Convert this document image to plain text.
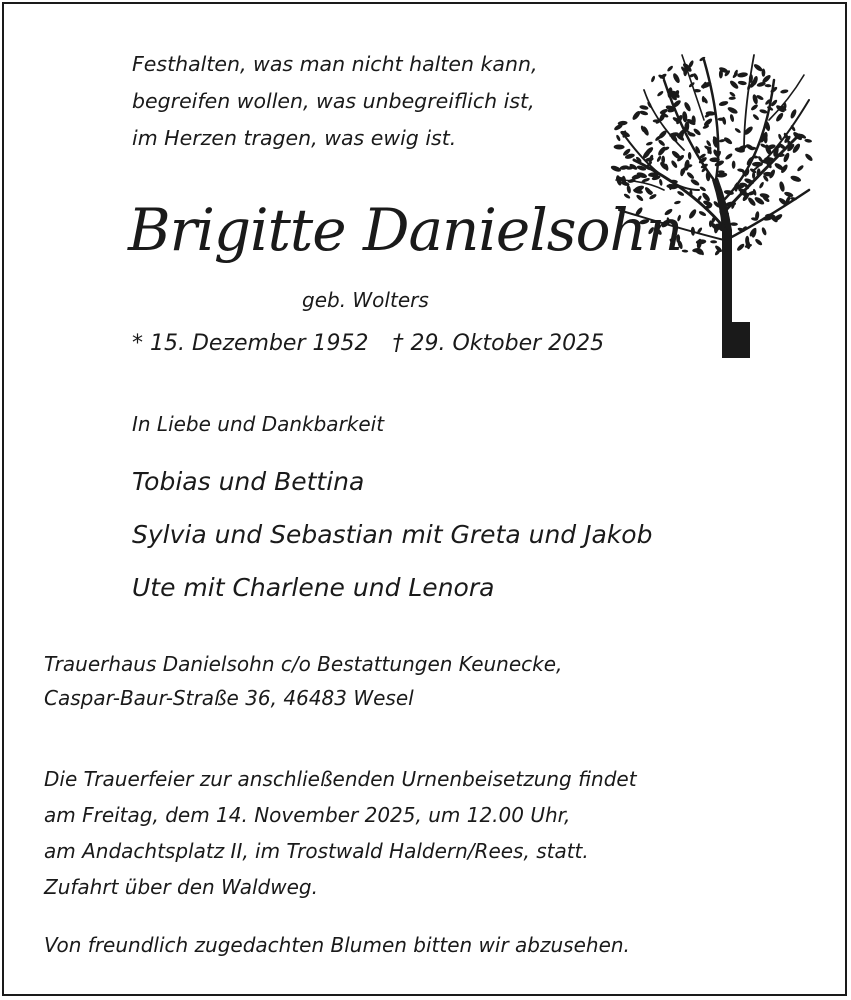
Festhalten, was man nicht halten kann,
begreifen wollen, was unbegreiflich ist,
im Herzen tragen, was ewig ist.
Brigitte Danielsohn
geb. Wolters
* 15. Dezember 1952 † 29. Oktober 2025
In Liebe und Dankbarkeit
Tobias und Bettina
Sylvia und Sebastian mit Greta und Jakob
Ute mit Charlene und Lenora
Trauerhaus Danielsohn c/o Bestattungen Keunecke,
Caspar-Baur-Straße 36, 46483 Wesel
Die Trauerfeier zur anschließenden Urnenbeisetzung findet
am Freitag, dem 14. November 2025, um 12.00 Uhr,
am Andachtsplatz II, im Trostwald Haldern/Rees, statt.
Zufahrt über den Waldweg.
Von freundlich zugedachten Blumen bitten wir abzusehen.
